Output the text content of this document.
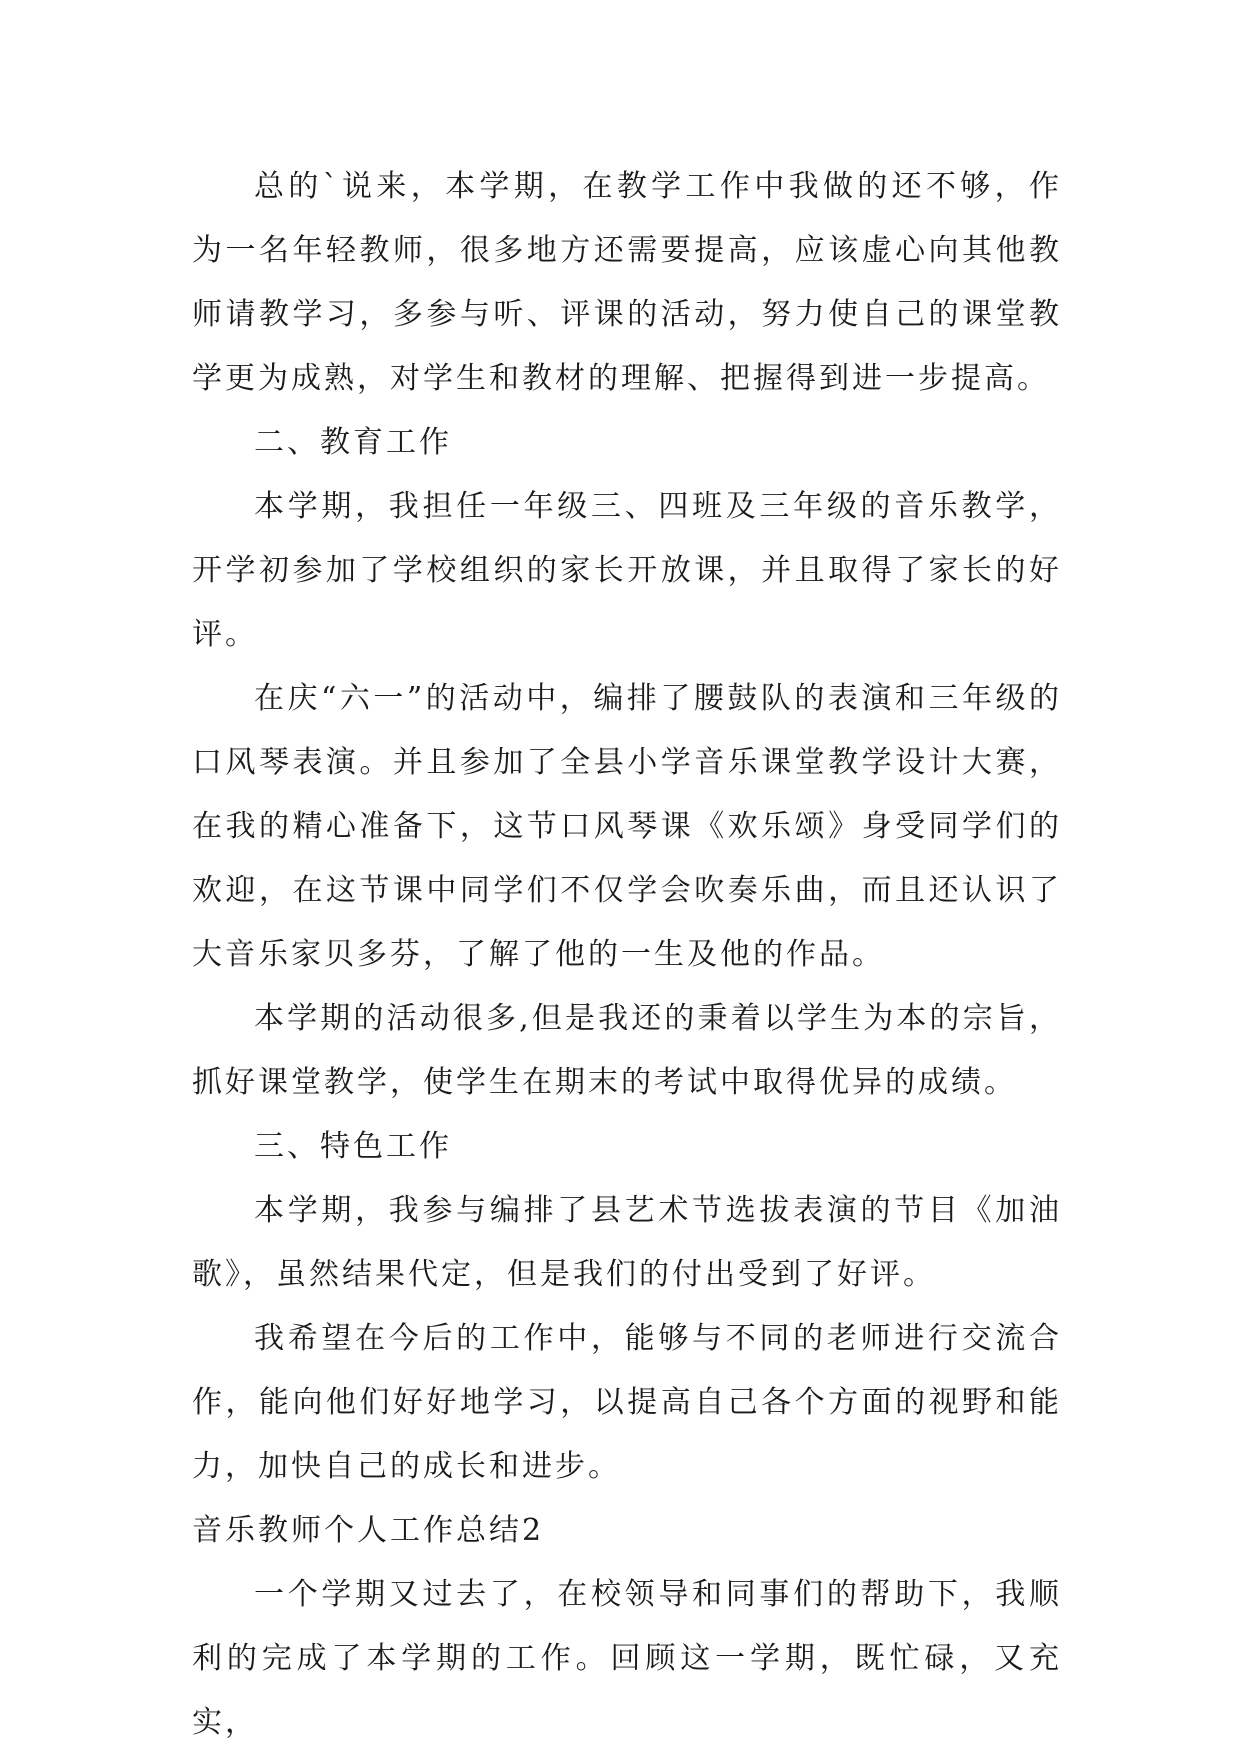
总的`说来，本学期，在教学工作中我做的还不够，作为一名年轻教师，很多地方还需要提高，应该虚心向其他教师请教学习，多参与听、评课的活动，努力使自己的课堂教学更为成熟，对学生和教材的理解、把握得到进一步提高。

二、教育工作

本学期，我担任一年级三、四班及三年级的音乐教学，开学初参加了学校组织的家长开放课，并且取得了家长的好评。

在庆“六一”的活动中，编排了腰鼓队的表演和三年级的口风琴表演。并且参加了全县小学音乐课堂教学设计大赛，在我的精心准备下，这节口风琴课《欢乐颂》身受同学们的欢迎，在这节课中同学们不仅学会吹奏乐曲，而且还认识了大音乐家贝多芬，了解了他的一生及他的作品。

本学期的活动很多,但是我还的秉着以学生为本的宗旨，抓好课堂教学，使学生在期末的考试中取得优异的成绩。

三、特色工作

本学期，我参与编排了县艺术节选拔表演的节目《加油歌》，虽然结果代定，但是我们的付出受到了好评。

我希望在今后的工作中，能够与不同的老师进行交流合作，能向他们好好地学习，以提高自己各个方面的视野和能力，加快自己的成长和进步。

音乐教师个人工作总结2

一个学期又过去了，在校领导和同事们的帮助下，我顺利的完成了本学期的工作。回顾这一学期，既忙碌，又充实，
